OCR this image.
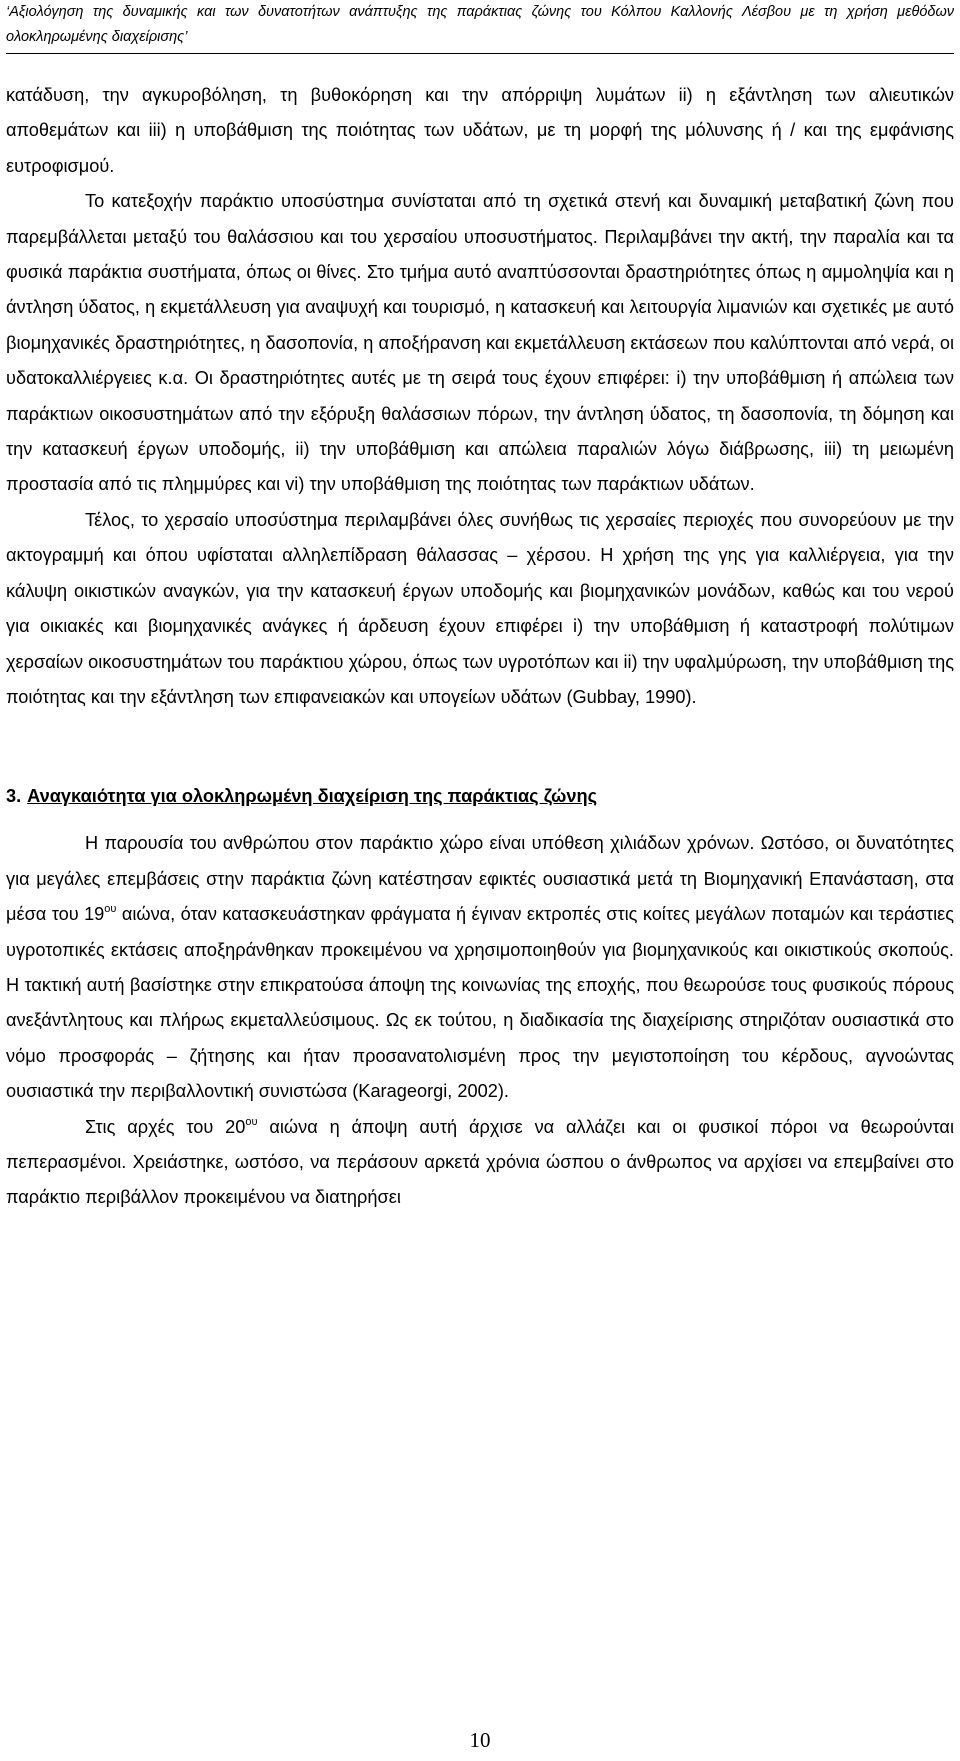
‘Αξιολόγηση της δυναμικής και των δυνατοτήτων ανάπτυξης της παράκτιας ζώνης του Κόλπου Καλλονής Λέσβου με τη χρήση μεθόδων ολοκληρωμένης διαχείρισης’

κατάδυση, την αγκυροβόληση, τη βυθοκόρηση και την απόρριψη λυμάτων ii) η εξάντληση των αλιευτικών αποθεμάτων και iii) η υποβάθμιση της ποιότητας των υδάτων, με τη μορφή της μόλυνσης ή / και της εμφάνισης ευτροφισμού.

Το κατεξοχήν παράκτιο υποσύστημα συνίσταται από τη σχετικά στενή και δυναμική μεταβατική ζώνη που παρεμβάλλεται μεταξύ του θαλάσσιου και του χερσαίου υποσυστήματος. Περιλαμβάνει την ακτή, την παραλία και τα φυσικά παράκτια συστήματα, όπως οι θίνες. Στο τμήμα αυτό αναπτύσσονται δραστηριότητες όπως η αμμοληψία και η άντληση ύδατος, η εκμετάλλευση για αναψυχή και τουρισμό, η κατασκευή και λειτουργία λιμανιών και σχετικές με αυτό βιομηχανικές δραστηριότητες, η δασοπονία, η αποξήρανση και εκμετάλλευση εκτάσεων που καλύπτονται από νερά, οι υδατοκαλλιέργειες κ.α. Οι δραστηριότητες αυτές με τη σειρά τους έχουν επιφέρει: i) την υποβάθμιση ή απώλεια των παράκτιων οικοσυστημάτων από την εξόρυξη θαλάσσιων πόρων, την άντληση ύδατος, τη δασοπονία, τη δόμηση και την κατασκευή έργων υποδομής, ii) την υποβάθμιση και απώλεια παραλιών λόγω διάβρωσης, iii) τη μειωμένη προστασία από τις πλημμύρες και vi) την υποβάθμιση της ποιότητας των παράκτιων υδάτων.

Τέλος, το χερσαίο υποσύστημα περιλαμβάνει όλες συνήθως τις χερσαίες περιοχές που συνορεύουν με την ακτογραμμή και όπου υφίσταται αλληλεπίδραση θάλασσας – χέρσου. Η χρήση της γης για καλλιέργεια, για την κάλυψη οικιστικών αναγκών, για την κατασκευή έργων υποδομής και βιομηχανικών μονάδων, καθώς και του νερού για οικιακές και βιομηχανικές ανάγκες ή άρδευση έχουν επιφέρει i) την υποβάθμιση ή καταστροφή πολύτιμων χερσαίων οικοσυστημάτων του παράκτιου χώρου, όπως των υγροτόπων και ii) την υφαλμύρωση, την υποβάθμιση της ποιότητας και την εξάντληση των επιφανειακών και υπογείων υδάτων (Gubbay, 1990).

3. Αναγκαιότητα για ολοκληρωμένη διαχείριση της παράκτιας ζώνης

Η παρουσία του ανθρώπου στον παράκτιο χώρο είναι υπόθεση χιλιάδων χρόνων. Ωστόσο, οι δυνατότητες για μεγάλες επεμβάσεις στην παράκτια ζώνη κατέστησαν εφικτές ουσιαστικά μετά τη Βιομηχανική Επανάσταση, στα μέσα του $19^{o\upsilon}$ αιώνα, όταν κατασκευάστηκαν φράγματα ή έγιναν εκτροπές στις κοίτες μεγάλων ποταμών και τεράστιες υγροτοπικές εκτάσεις αποξηράνθηκαν προκειμένου να χρησιμοποιηθούν για βιομηχανικούς και οικιστικούς σκοπούς. Η τακτική αυτή βασίστηκε στην επικρατούσα άποψη της κοινωνίας της εποχής, που θεωρούσε τους φυσικούς πόρους ανεξάντλητους και πλήρως εκμεταλλεύσιμους. Ως εκ τούτου, η διαδικασία της διαχείρισης στηριζόταν ουσιαστικά στο νόμο προσφοράς – ζήτησης και ήταν προσανατολισμένη προς την μεγιστοποίηση του κέρδους, αγνοώντας ουσιαστικά την περιβαλλοντική συνιστώσα (Karageorgi, 2002).

Στις αρχές του $20^{o\upsilon}$ αιώνα η άποψη αυτή άρχισε να αλλάζει και οι φυσικοί πόροι να θεωρούνται πεπερασμένοι. Χρειάστηκε, ωστόσο, να περάσουν αρκετά χρόνια ώσπου ο άνθρωπος να αρχίσει να επεμβαίνει στο παράκτιο περιβάλλον προκειμένου να διατηρήσει

10
